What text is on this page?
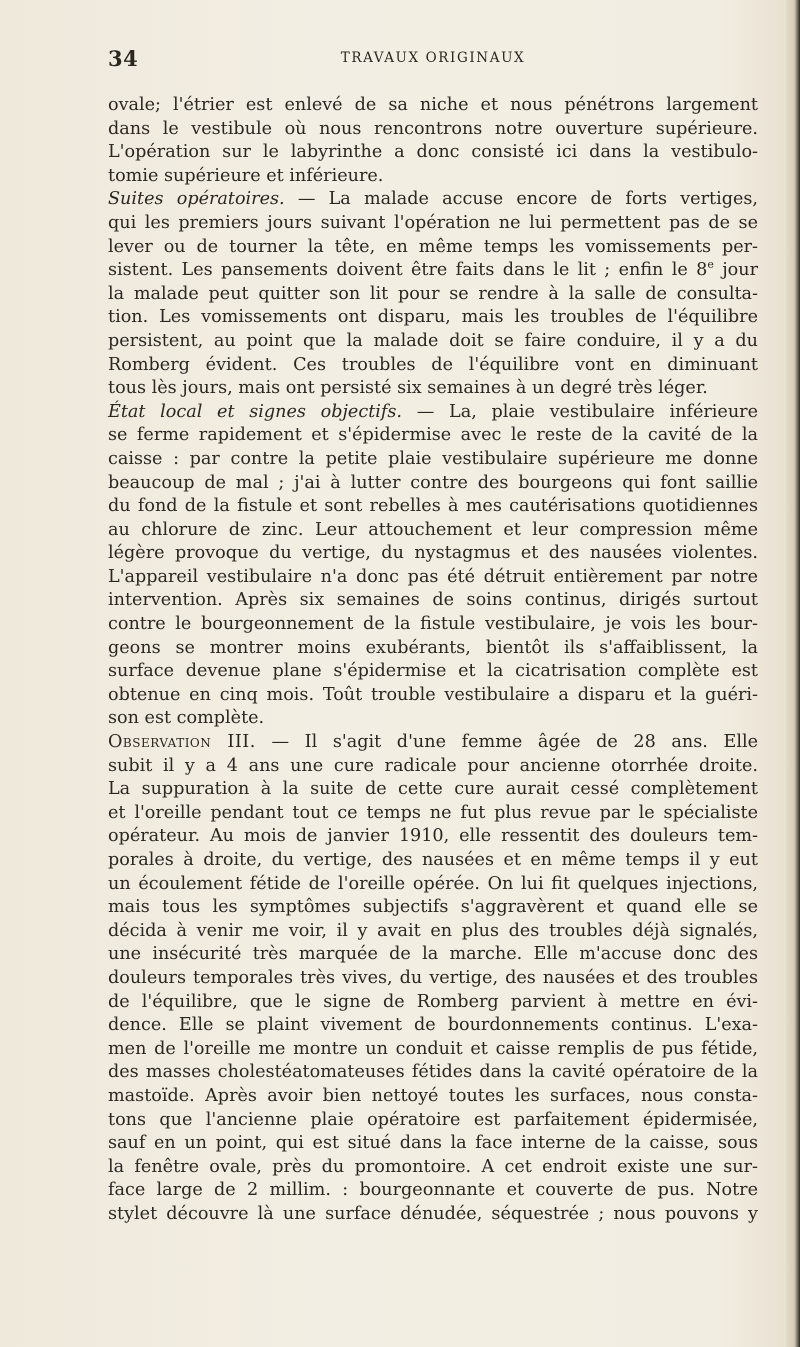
34	TRAVAUX ORIGINAUX
ovale; l'étrier est enlevé de sa niche et nous pénétrons largement
dans le vestibule où nous rencontrons notre ouverture supérieure.
L'opération sur le labyrinthe a donc consisté ici dans la vestibulo-
tomie supérieure et inférieure.
Suites opératoires. — La malade accuse encore de forts vertiges,
qui les premiers jours suivant l'opération ne lui permettent pas de se
lever ou de tourner la tête, en même temps les vomissements per-
sistent. Les pansements doivent être faits dans le lit ; enfin le 8e jour
la malade peut quitter son lit pour se rendre à la salle de consulta-
tion. Les vomissements ont disparu, mais les troubles de l'équilibre
persistent, au point que la malade doit se faire conduire, il y a du
Romberg évident. Ces troubles de l'équilibre vont en diminuant
tous lès jours, mais ont persisté six semaines à un degré très léger.
État local et signes objectifs. — La, plaie vestibulaire inférieure
se ferme rapidement et s'épidermise avec le reste de la cavité de la
caisse : par contre la petite plaie vestibulaire supérieure me donne
beaucoup de mal ; j'ai à lutter contre des bourgeons qui font saillie
du fond de la fistule et sont rebelles à mes cautérisations quotidiennes
au chlorure de zinc. Leur attouchement et leur compression même
légère provoque du vertige, du nystagmus et des nausées violentes.
L'appareil vestibulaire n'a donc pas été détruit entièrement par notre
intervention. Après six semaines de soins continus, dirigés surtout
contre le bourgeonnement de la fistule vestibulaire, je vois les bour-
geons se montrer moins exubérants, bientôt ils s'affaiblissent, la
surface devenue plane s'épidermise et la cicatrisation complète est
obtenue en cinq mois. Toût trouble vestibulaire a disparu et la guéri-
son est complète.
Observation III. — Il s'agit d'une femme âgée de 28 ans. Elle
subit il y a 4 ans une cure radicale pour ancienne otorrhée droite.
La suppuration à la suite de cette cure aurait cessé complètement
et l'oreille pendant tout ce temps ne fut plus revue par le spécialiste
opérateur. Au mois de janvier 1910, elle ressentit des douleurs tem-
porales à droite, du vertige, des nausées et en même temps il y eut
un écoulement fétide de l'oreille opérée. On lui fit quelques injections,
mais tous les symptômes subjectifs s'aggravèrent et quand elle se
décida à venir me voir, il y avait en plus des troubles déjà signalés,
une insécurité très marquée de la marche. Elle m'accuse donc des
douleurs temporales très vives, du vertige, des nausées et des troubles
de l'équilibre, que le signe de Romberg parvient à mettre en évi-
dence. Elle se plaint vivement de bourdonnements continus. L'exa-
men de l'oreille me montre un conduit et caisse remplis de pus fétide,
des masses cholestéatomateuses fétides dans la cavité opératoire de la
mastoïde. Après avoir bien nettoyé toutes les surfaces, nous consta-
tons que l'ancienne plaie opératoire est parfaitement épidermisée,
sauf en un point, qui est situé dans la face interne de la caisse, sous
la fenêtre ovale, près du promontoire. A cet endroit existe une sur-
face large de 2 millim. : bourgeonnante et couverte de pus. Notre
stylet découvre là une surface dénudée, séquestrée ; nous pouvons y
